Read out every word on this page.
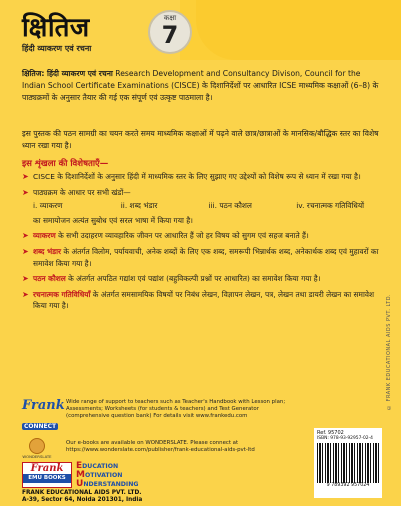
क्षितिज
हिंदी व्याकरण एवं रचना
कक्षा
7
क्षितिज: हिंदी व्याकरण एवं रचना Research Development and Consultancy Divison, Council for the Indian School Certificate Examinations (CISCE) के दिशानिर्देशों पर आधारित ICSE माध्यमिक कक्षाओं (6–8) के पाठ्यक्रमों के अनुसार तैयार की गई एक संपूर्ण एवं उत्कृष्ट पाठमाला है।
इस पुस्तक की पठन सामग्री का चयन करते समय माध्यमिक कक्षाओं में पढ़ने वाले छात्र/छात्राओं के मानसिक/बौद्धिक स्तर का विशेष ध्यान रखा गया है।
इस शृंखला की विशेषताएँ—
➤ CISCE के दिशानिर्देशों के अनुसार हिंदी में माध्यमिक स्तर के लिए सुझाए गए उद्देश्यों को विशेष रूप से ध्यान में रखा गया है।
➤ पाठ्यक्रम के आधार पर सभी खंडों—
i. व्याकरण	ii. शब्द भंडार	iii. पठन कौशल	iv. रचनात्मक गतिविधियों
का समायोजन अत्यंत सुबोध एवं सरल भाषा में किया गया है।
➤ व्याकरण के सभी उदाहरण व्यावहारिक जीवन पर आधारित हैं जो हर विषय को सुगम एवं सहज बनाते हैं।
➤ शब्द भंडार के अंतर्गत विलोम, पर्यायवाची, अनेक शब्दों के लिए एक शब्द, समरूपी भिन्नार्थक शब्द, अनेकार्थक शब्द एवं मुहावरों का समावेश किया गया है।
➤ पठन कौशल के अंतर्गत अपठित गद्यांश एवं पद्यांश (बहुविकल्पी प्रश्नों पर आधारित) का समावेश किया गया है।
➤ रचनात्मक गतिविधियाँ के अंतर्गत समसामयिक विषयों पर निबंध लेखन, विज्ञापन लेखन, पत्र, लेखन तथा डायरी लेखन का समावेश किया गया है।	© FRANK EDUCATIONAL AIDS PVT. LTD.
Frank
CONNECT
Wide range of support to teachers such as Teacher's Handbook with Lesson plan; Assessments; Worksheets (for students & teachers) and Test Generator (comprehensive question bank) For details visit www.frankedu.com
WONDERSLATE
Our e-books are available on WONDERSLATE. Please connect at https://www.wonderslate.com/publisher/frank-educational-aids-pvt-ltd
Frank
EMU BOOKS
EDUCATION
MOTIVATION
UNDERSTANDING
FRANK EDUCATIONAL AIDS PVT. LTD.
A-39, Sector 64, Noida 201301, India
Ref. 95702
ISBN: 978-93-92957-02-4
9 789392 957024
